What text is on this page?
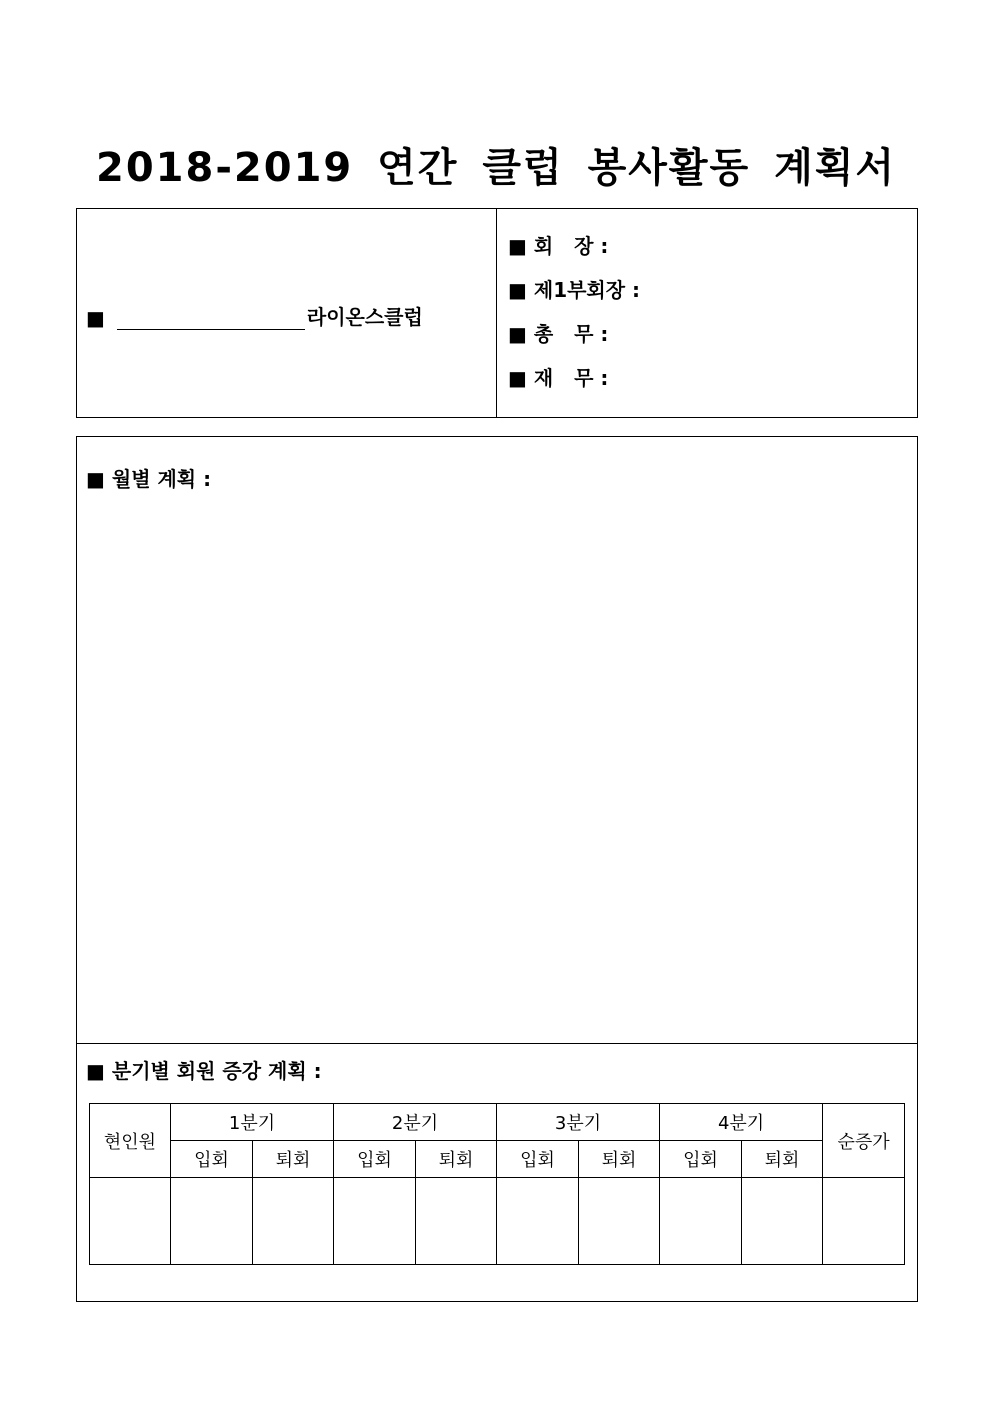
2018-2019 연간 클럽 봉사활동 계획서
■	라이온스클럽
■ 회   장 :
■ 제1부회장 :
■ 총   무 :
■ 재   무 :
■ 월별 계획 :
■ 분기별 회원 증강 계획 :
현인원	1분기		2분기		3분기		4분기		순증가
	입회	퇴회	입회	퇴회	입회	퇴회	입회	퇴회	
